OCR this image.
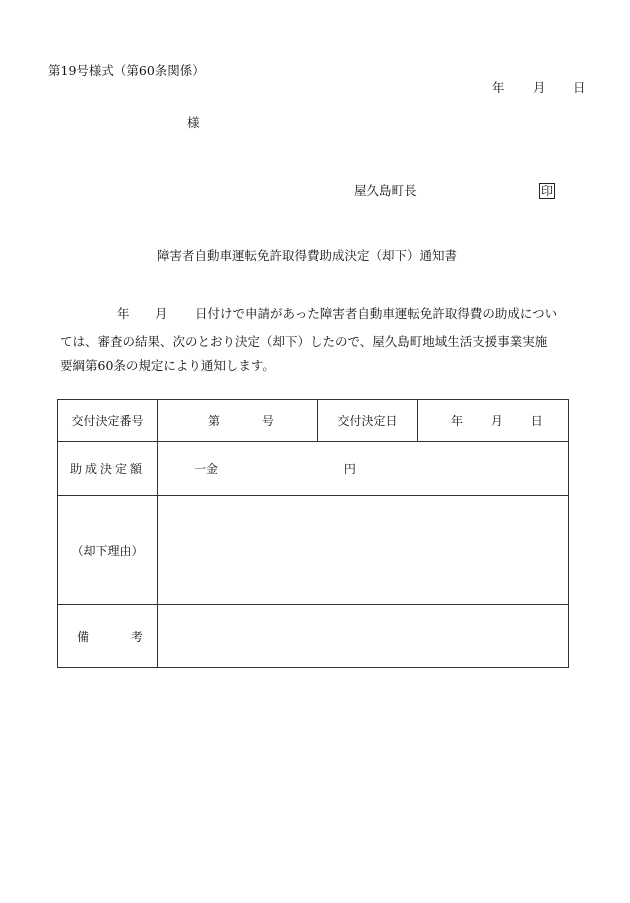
第19号様式（第60条関係）
年 月 日
様
屋久島町長	印
障害者自動車運転免許取得費助成決定（却下）通知書
年 月 日付けで申請があった障害者自動車運転免許取得費の助成につい
ては、審査の結果、次のとおり決定（却下）したので、屋久島町地域生活支援事業実施
要綱第60条の規定により通知します。
交付決定番号	第 号	交付決定日	年 月 日
助成決定額	一金 円		
（却下理由）			
備 考			
